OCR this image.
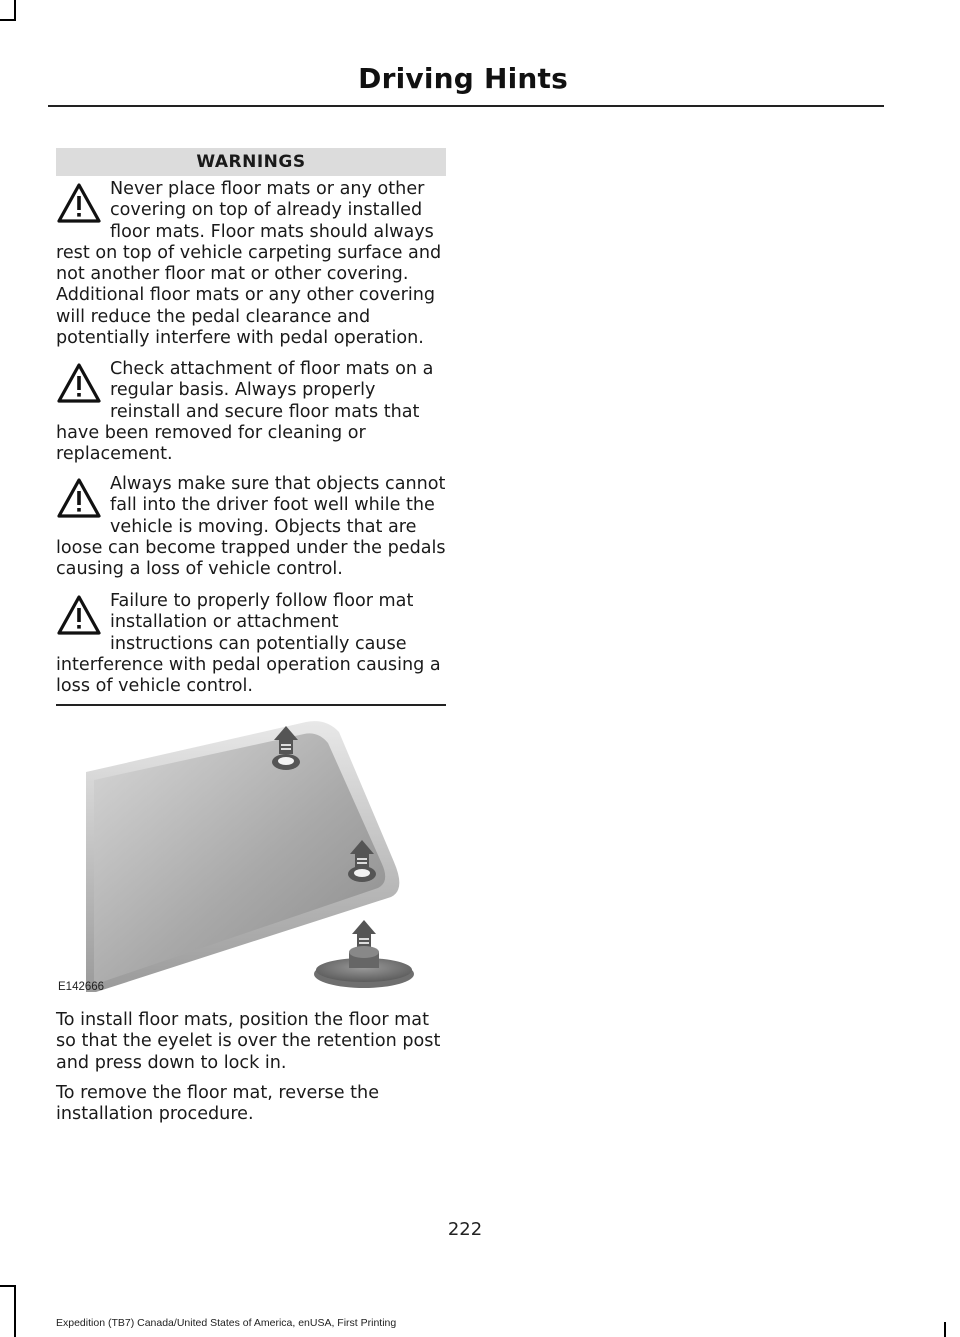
Driving Hints
WARNINGS
Never place floor mats or any other covering on top of already installed floor mats. Floor mats should always rest on top of vehicle carpeting surface and not another floor mat or other covering. Additional floor mats or any other covering will reduce the pedal clearance and potentially interfere with pedal operation.
Check attachment of floor mats on a regular basis. Always properly reinstall and secure floor mats that have been removed for cleaning or replacement.
Always make sure that objects cannot fall into the driver foot well while the vehicle is moving. Objects that are loose can become trapped under the pedals causing a loss of vehicle control.
Failure to properly follow floor mat installation or attachment instructions can potentially cause interference with pedal operation causing a loss of vehicle control.
E142666

To install floor mats, position the floor mat so that the eyelet is over the retention post and press down to lock in.

To remove the floor mat, reverse the installation procedure.

222
Expedition (TB7) Canada/United States of America, enUSA, First Printing
